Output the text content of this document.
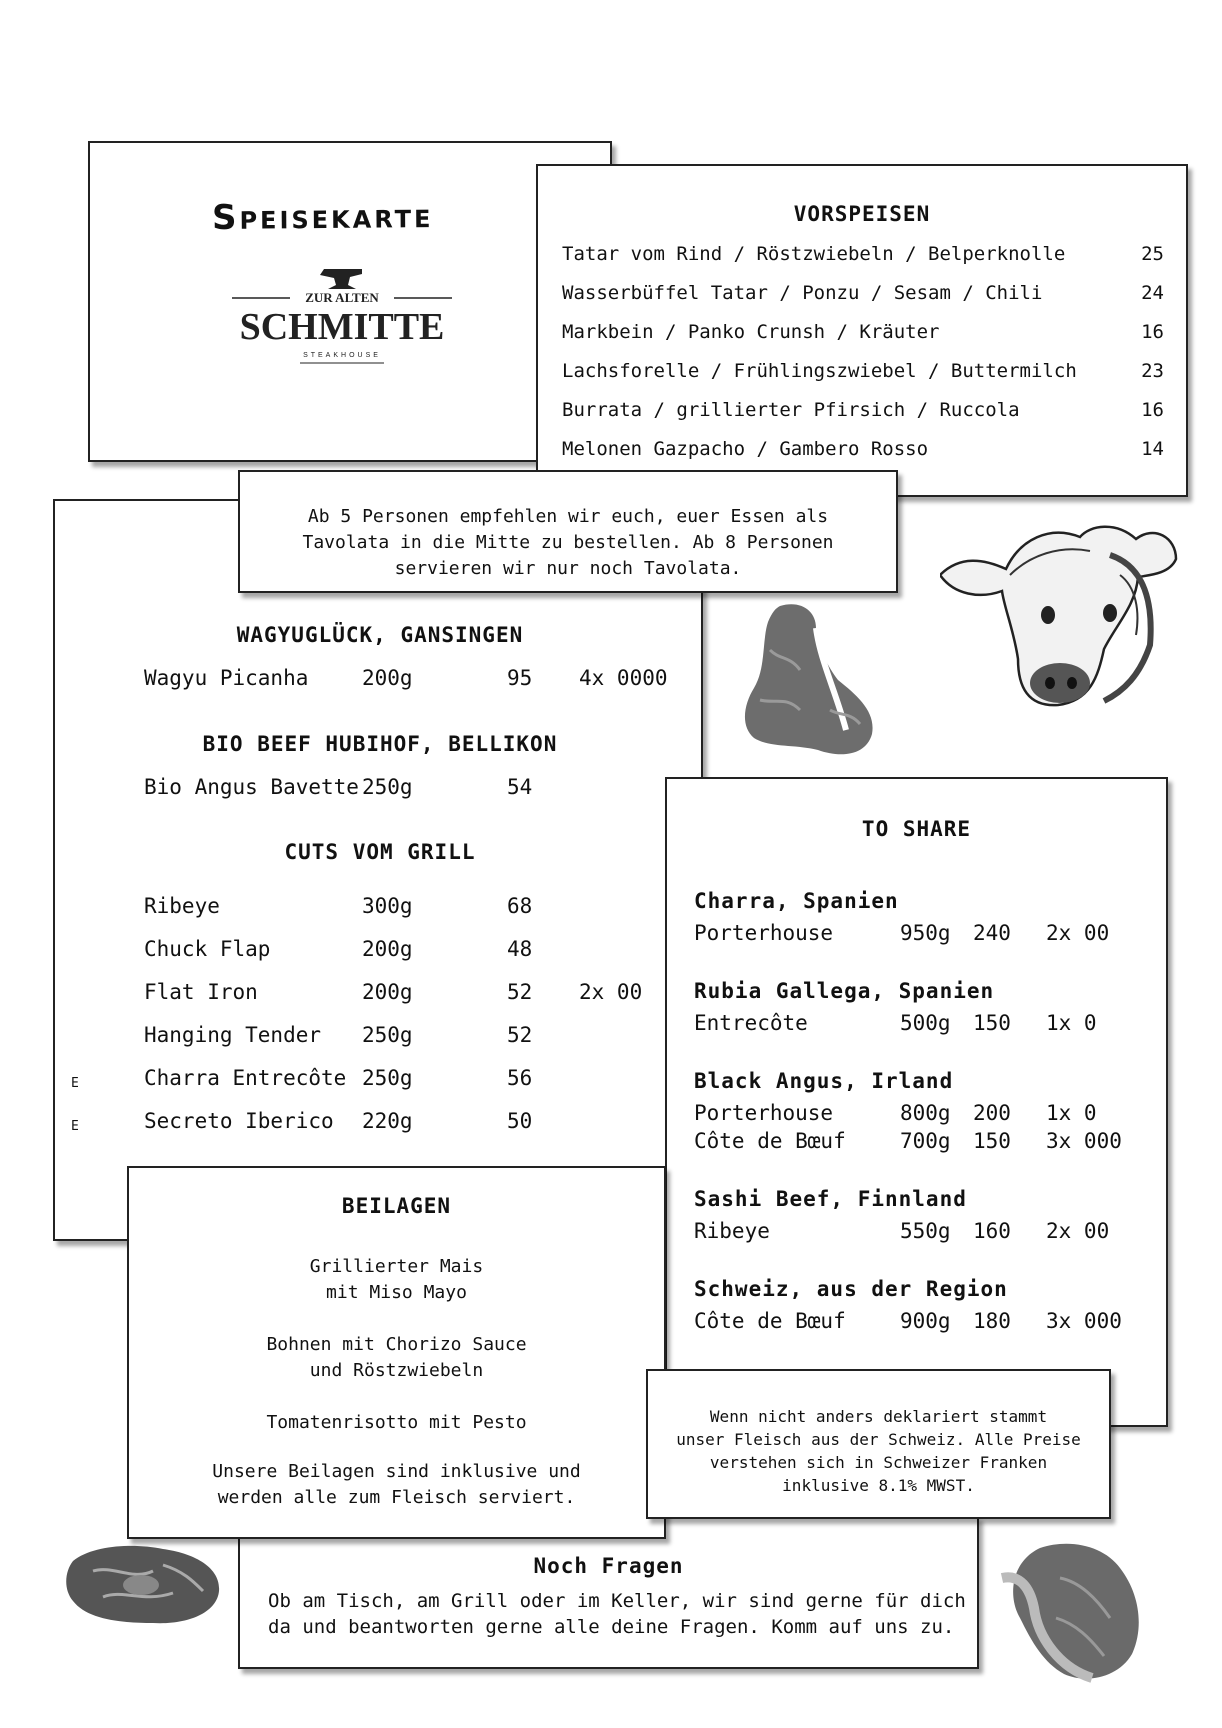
Speisekarte
ZUR ALTEN
SCHMITTE
STEAKHOUSE
VORSPEISEN
Tatar vom Rind / Röstzwiebeln / Belperknolle	25
Wasserbüffel Tatar / Ponzu / Sesam / Chili	24
Markbein / Panko Crunsh / Kräuter	16
Lachsforelle / Frühlingszwiebel / Buttermilch	23
Burrata / grillierter Pfirsich / Ruccola	16
Melonen Gazpacho / Gambero Rosso	14
WAGYUGLÜCK, GANSINGEN
Wagyu Picanha	200g	95 4x 0000
BIO BEEF HUBIHOF, BELLIKON
Bio Angus Bavette 250g	54
CUTS VOM GRILL
Ribeye	300g	68
Chuck Flap	200g	48
Flat Iron	200g	52 2x 00
Hanging Tender 250g	52
E	Charra Entrecôte 250g	56
E	Secreto Iberico 220g	50
Ab 5 Personen empfehlen wir euch, euer Essen als
Tavolata in die Mitte zu bestellen. Ab 8 Personen
servieren wir nur noch Tavolata.
TO SHARE
Charra, Spanien
Porterhouse	950g 240 2x 00
Rubia Gallega, Spanien
Entrecôte	500g 150 1x 0
Black Angus, Irland
Porterhouse	800g 200 1x 0
Côte de Bœuf	700g 150 3x 000
Sashi Beef, Finnland
Ribeye	550g 160 2x 00
Schweiz, aus der Region
Côte de Bœuf	900g 180 3x 000
BEILAGEN

Grillierter Mais

mit Miso Mayo

Bohnen mit Chorizo Sauce

und Röstzwiebeln

Tomatenrisotto mit Pesto

Unsere Beilagen sind inklusive und

werden alle zum Fleisch serviert.

Wenn nicht anders deklariert stammt
unser Fleisch aus der Schweiz. Alle Preise
verstehen sich in Schweizer Franken
inklusive 8.1% MWST.
Noch Fragen

Ob am Tisch, am Grill oder im Keller, wir sind gerne für dich

da und beantworten gerne alle deine Fragen. Komm auf uns zu.
